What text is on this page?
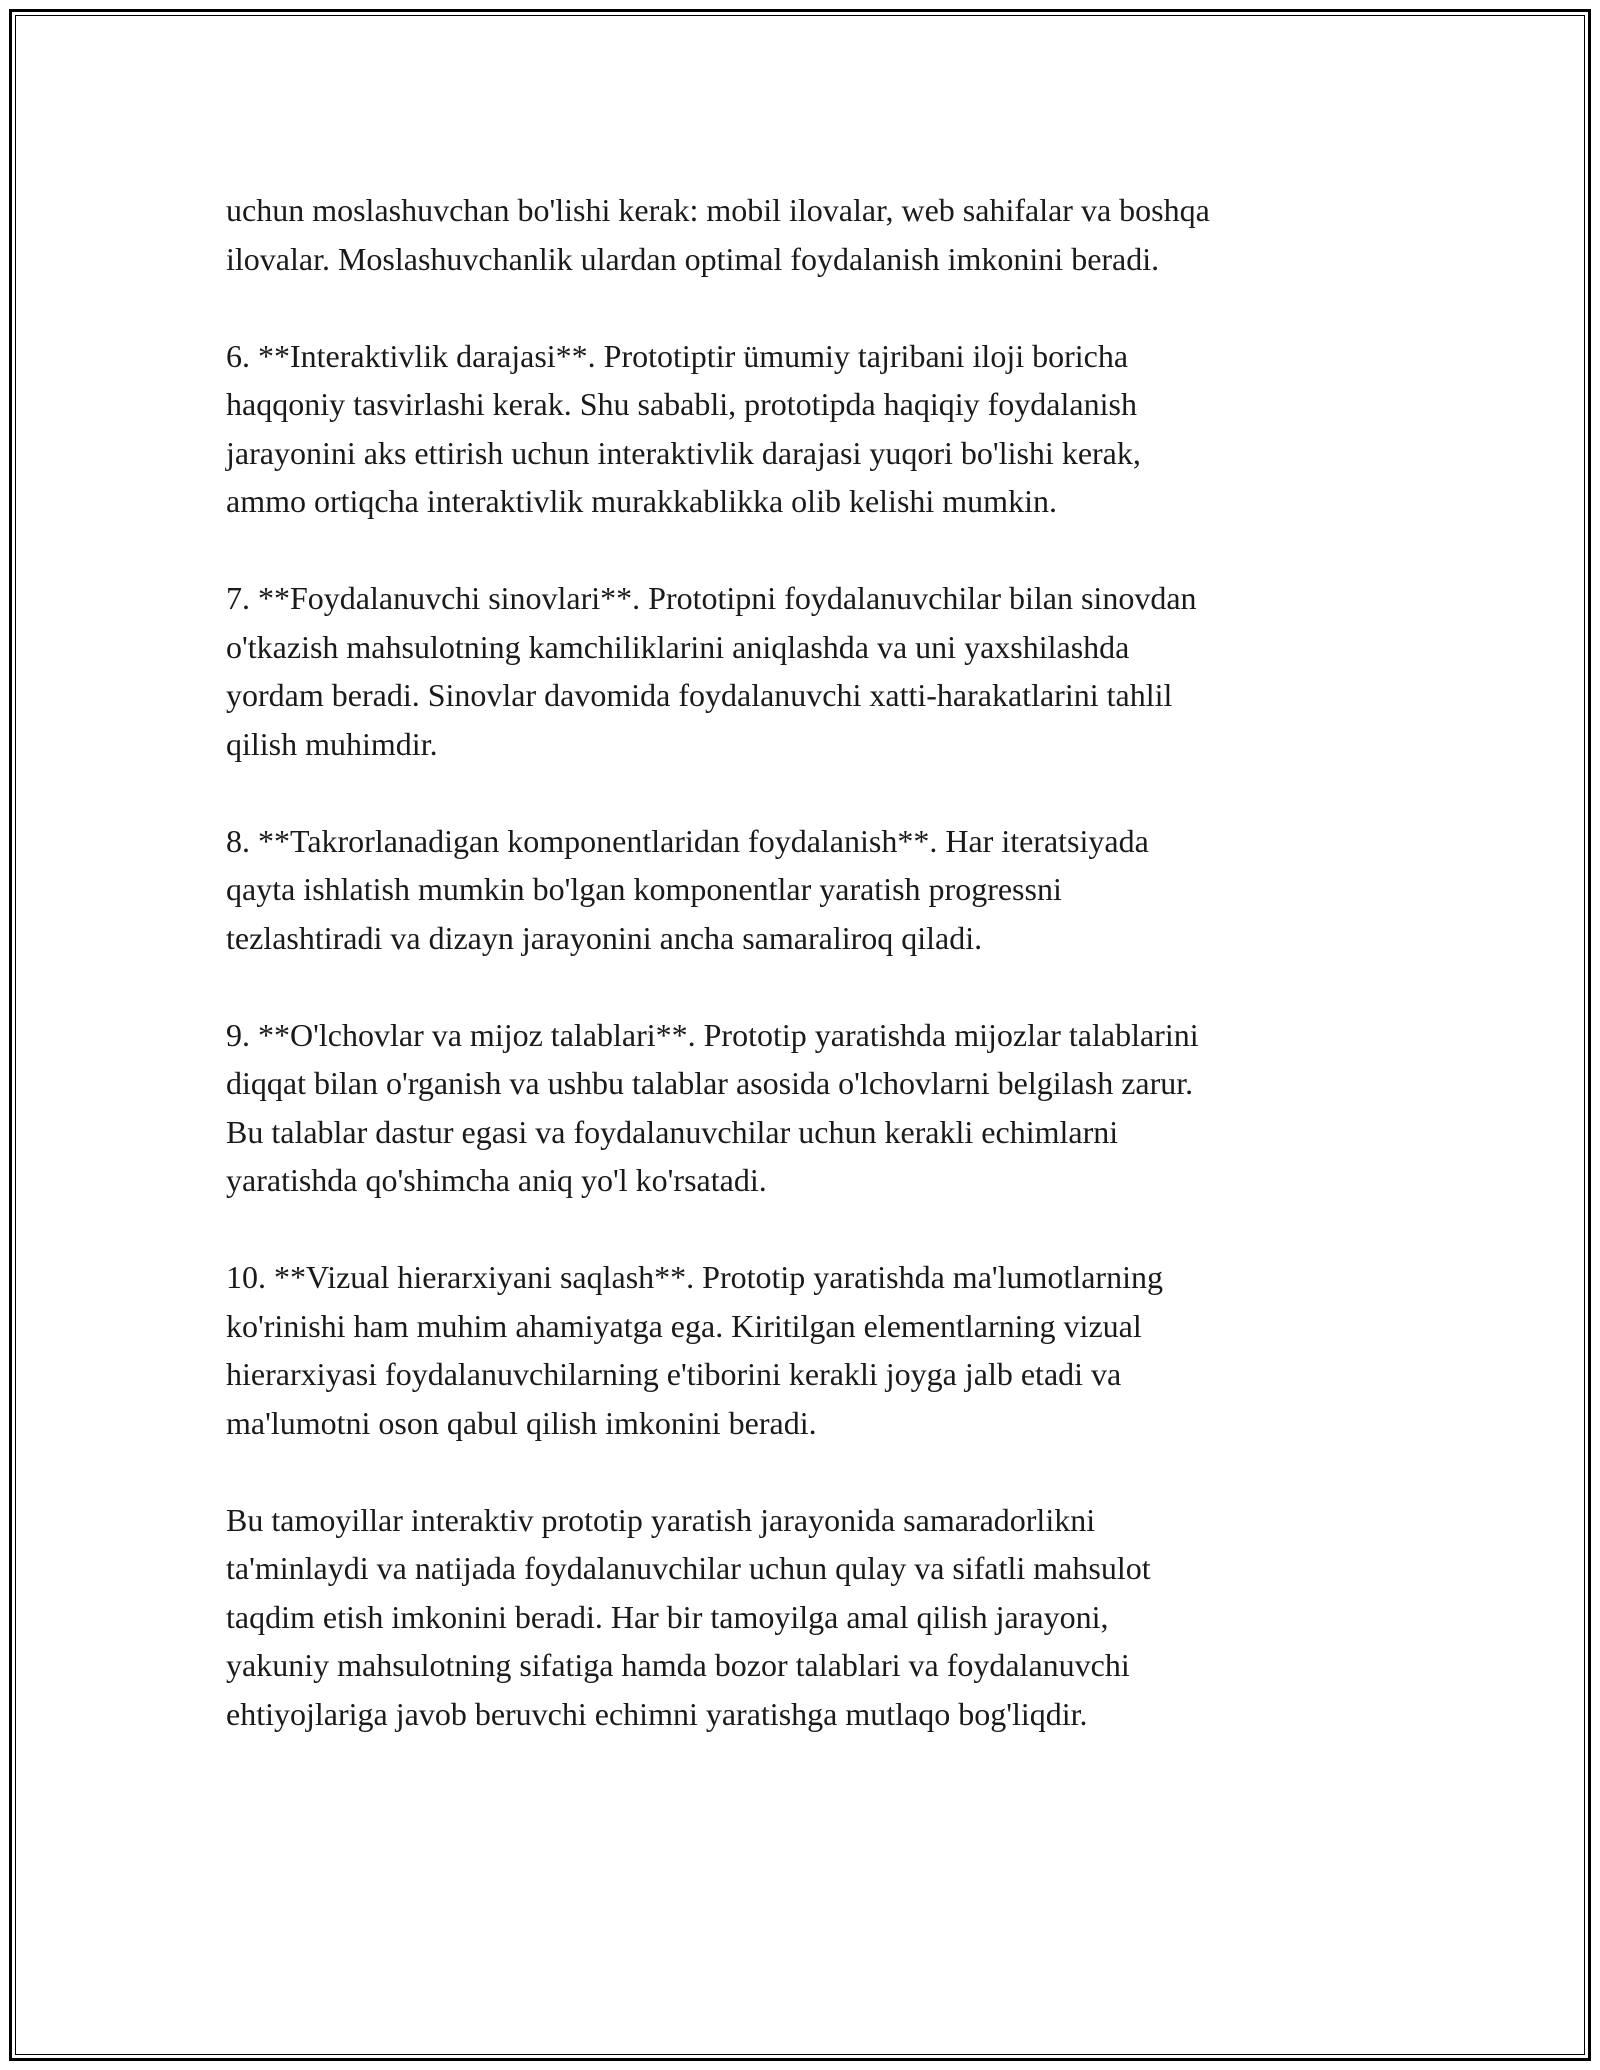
uchun moslashuvchan bo'lishi kerak: mobil ilovalar, web sahifalar va boshqa
ilovalar. Moslashuvchanlik ulardan optimal foydalanish imkonini beradi.

6. **Interaktivlik darajasi**. Prototiptir ümumiy tajribani iloji boricha
haqqoniy tasvirlashi kerak. Shu sababli, prototipda haqiqiy foydalanish
jarayonini aks ettirish uchun interaktivlik darajasi yuqori bo'lishi kerak,
ammo ortiqcha interaktivlik murakkablikka olib kelishi mumkin.

7. **Foydalanuvchi sinovlari**. Prototipni foydalanuvchilar bilan sinovdan
o'tkazish mahsulotning kamchiliklarini aniqlashda va uni yaxshilashda
yordam beradi. Sinovlar davomida foydalanuvchi xatti-harakatlarini tahlil
qilish muhimdir.

8. **Takrorlanadigan komponentlaridan foydalanish**. Har iteratsiyada
qayta ishlatish mumkin bo'lgan komponentlar yaratish progressni
tezlashtiradi va dizayn jarayonini ancha samaraliroq qiladi.

9. **O'lchovlar va mijoz talablari**. Prototip yaratishda mijozlar talablarini
diqqat bilan o'rganish va ushbu talablar asosida o'lchovlarni belgilash zarur.
Bu talablar dastur egasi va foydalanuvchilar uchun kerakli echimlarni
yaratishda qo'shimcha aniq yo'l ko'rsatadi.

10. **Vizual hierarxiyani saqlash**. Prototip yaratishda ma'lumotlarning
ko'rinishi ham muhim ahamiyatga ega. Kiritilgan elementlarning vizual
hierarxiyasi foydalanuvchilarning e'tiborini kerakli joyga jalb etadi va
ma'lumotni oson qabul qilish imkonini beradi.

Bu tamoyillar interaktiv prototip yaratish jarayonida samaradorlikni
ta'minlaydi va natijada foydalanuvchilar uchun qulay va sifatli mahsulot
taqdim etish imkonini beradi. Har bir tamoyilga amal qilish jarayoni,
yakuniy mahsulotning sifatiga hamda bozor talablari va foydalanuvchi
ehtiyojlariga javob beruvchi echimni yaratishga mutlaqo bog'liqdir.
